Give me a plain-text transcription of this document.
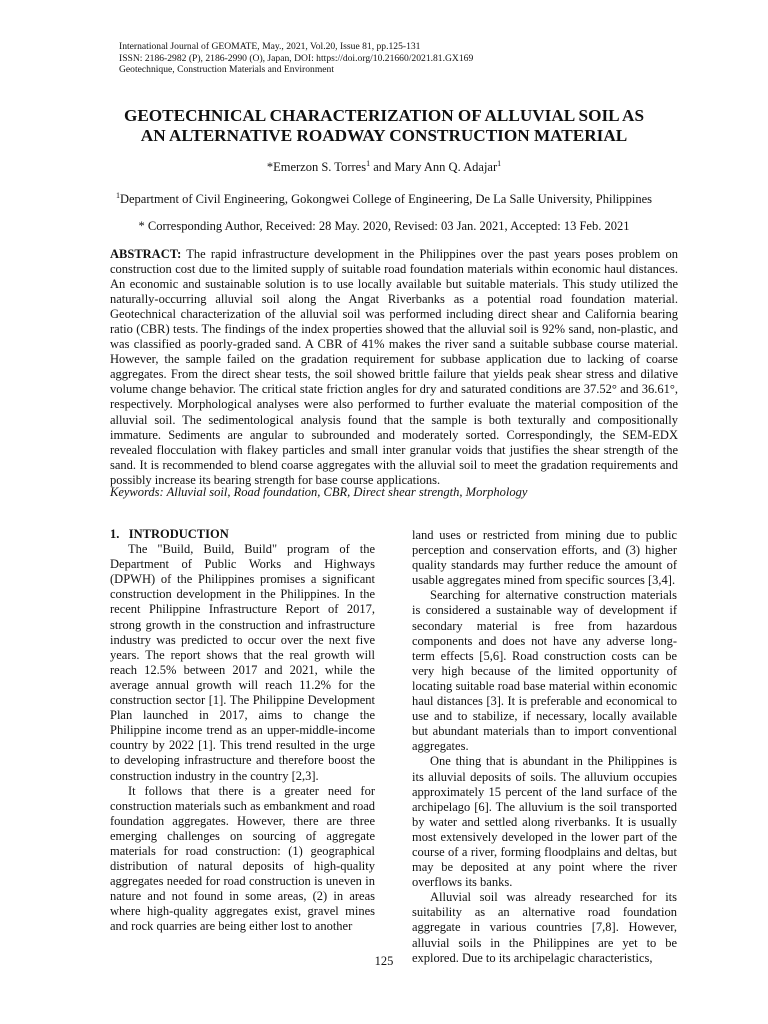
International Journal of GEOMATE, May., 2021, Vol.20, Issue 81, pp.125-131
ISSN: 2186-2982 (P), 2186-2990 (O), Japan, DOI: https://doi.org/10.21660/2021.81.GX169
Geotechnique, Construction Materials and Environment
GEOTECHNICAL CHARACTERIZATION OF ALLUVIAL SOIL AS
AN ALTERNATIVE ROADWAY CONSTRUCTION MATERIAL
*Emerzon S. Torres$^1$ and Mary Ann Q. Adajar$^1$
$^1$Department of Civil Engineering, Gokongwei College of Engineering, De La Salle University, Philippines
* Corresponding Author, Received: 28 May. 2020, Revised: 03 Jan. 2021, Accepted: 13 Feb. 2021
ABSTRACT: The rapid infrastructure development in the Philippines over the past years poses problem on construction cost due to the limited supply of suitable road foundation materials within economic haul distances. An economic and sustainable solution is to use locally available but suitable materials. This study utilized the naturally-occurring alluvial soil along the Angat Riverbanks as a potential road foundation material. Geotechnical characterization of the alluvial soil was performed including direct shear and California bearing ratio (CBR) tests. The findings of the index properties showed that the alluvial soil is 92% sand, non-plastic, and was classified as poorly-graded sand. A CBR of 41% makes the river sand a suitable subbase course material. However, the sample failed on the gradation requirement for subbase application due to lacking of coarse aggregates. From the direct shear tests, the soil showed brittle failure that yields peak shear stress and dilative volume change behavior. The critical state friction angles for dry and saturated conditions are 37.52° and 36.61°, respectively. Morphological analyses were also performed to further evaluate the material composition of the alluvial soil. The sedimentological analysis found that the sample is both texturally and compositionally immature. Sediments are angular to subrounded and moderately sorted. Correspondingly, the SEM-EDX revealed flocculation with flakey particles and small inter granular voids that justifies the shear strength of the sand. It is recommended to blend coarse aggregates with the alluvial soil to meet the gradation requirements and possibly increase its bearing strength for base course applications.
Keywords: Alluvial soil, Road foundation, CBR, Direct shear strength, Morphology

1.   INTRODUCTION

The "Build, Build, Build" program of the Department of Public Works and Highways (DPWH) of the Philippines promises a significant construction development in the Philippines. In the recent Philippine Infrastructure Report of 2017, strong growth in the construction and infrastructure industry was predicted to occur over the next five years. The report shows that the real growth will reach 12.5% between 2017 and 2021, while the average annual growth will reach 11.2% for the construction sector [1]. The Philippine Development Plan launched in 2017, aims to change the Philippine income trend as an upper-middle-income country by 2022 [1]. This trend resulted in the urge to developing infrastructure and therefore boost the construction industry in the country [2,3].

It follows that there is a greater need for construction materials such as embankment and road foundation aggregates. However, there are three emerging challenges on sourcing of aggregate materials for road construction: (1) geographical distribution of natural deposits of high-quality aggregates needed for road construction is uneven in nature and not found in some areas, (2) in areas where high-quality aggregates exist, gravel mines and rock quarries are being either lost to another

land uses or restricted from mining due to public perception and conservation efforts, and (3) higher quality standards may further reduce the amount of usable aggregates mined from specific sources [3,4].

Searching for alternative construction materials is considered a sustainable way of development if secondary material is free from hazardous components and does not have any adverse long-term effects [5,6]. Road construction costs can be very high because of the limited opportunity of locating suitable road base material within economic haul distances [3]. It is preferable and economical to use and to stabilize, if necessary, locally available but abundant materials than to import conventional aggregates.

One thing that is abundant in the Philippines is its alluvial deposits of soils. The alluvium occupies approximately 15 percent of the land surface of the archipelago [6]. The alluvium is the soil transported by water and settled along riverbanks. It is usually most extensively developed in the lower part of the course of a river, forming floodplains and deltas, but may be deposited at any point where the river overflows its banks.

Alluvial soil was already researched for its suitability as an alternative road foundation aggregate in various countries [7,8]. However, alluvial soils in the Philippines are yet to be explored. Due to its archipelagic characteristics,

125
